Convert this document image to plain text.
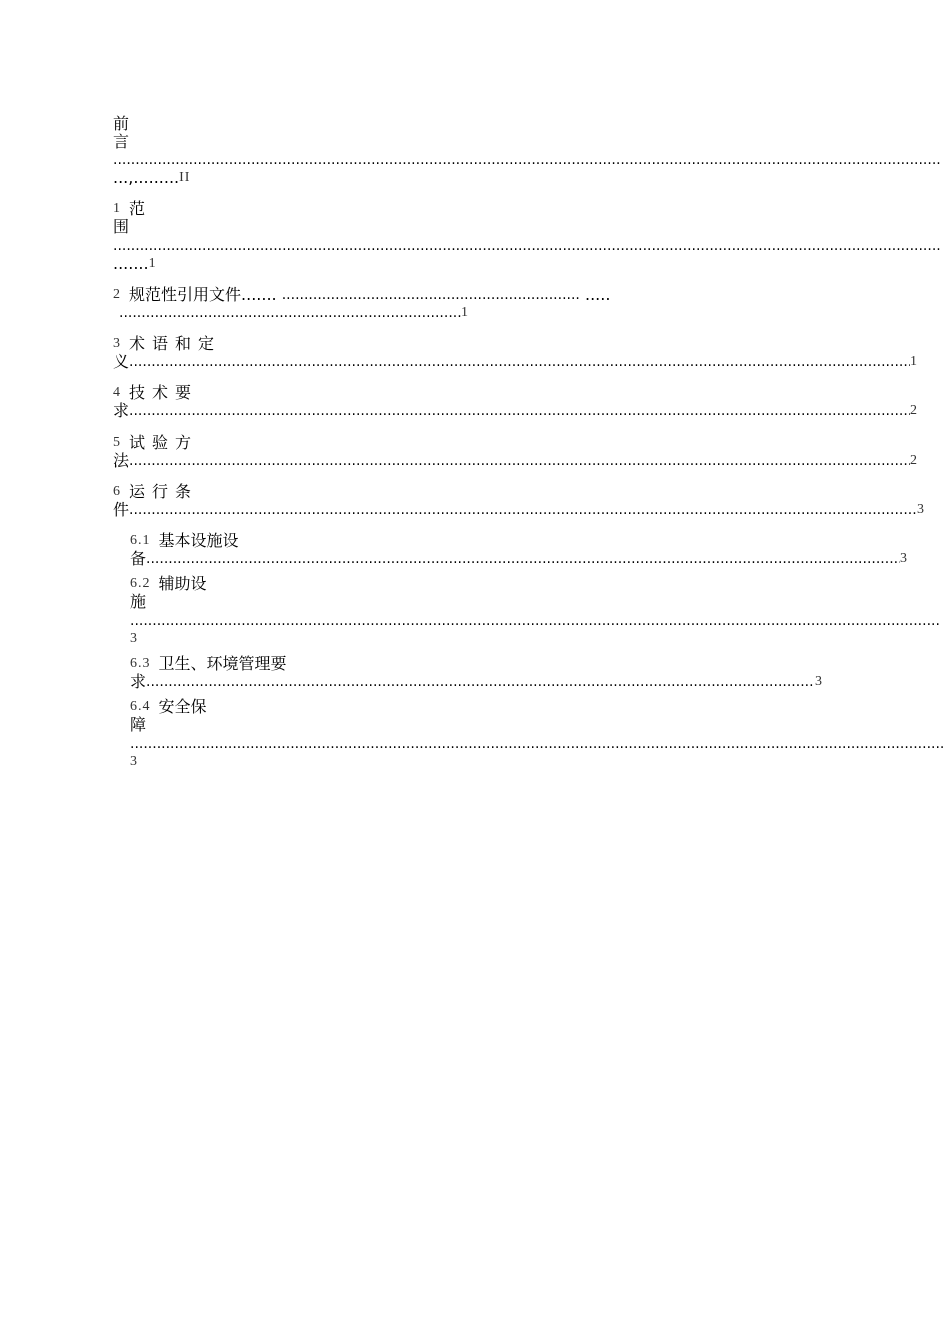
前
言
.....
...,......... II
1 范
围
.....
....... 1
2 规范性引用文件 .......
...................................................................
.....
.....
1
3 术语和定
义 .....	1
4 技术要
求 .....	2
5 试验方
法 .....	2
6 运行条
件 .....	3
6.1 基本设施设
备 .....	3
6.2 辅助设
施
.....
3
6.3 卫生、环境管理要
求 .....	3
6.4 安全保
障
.....
3
